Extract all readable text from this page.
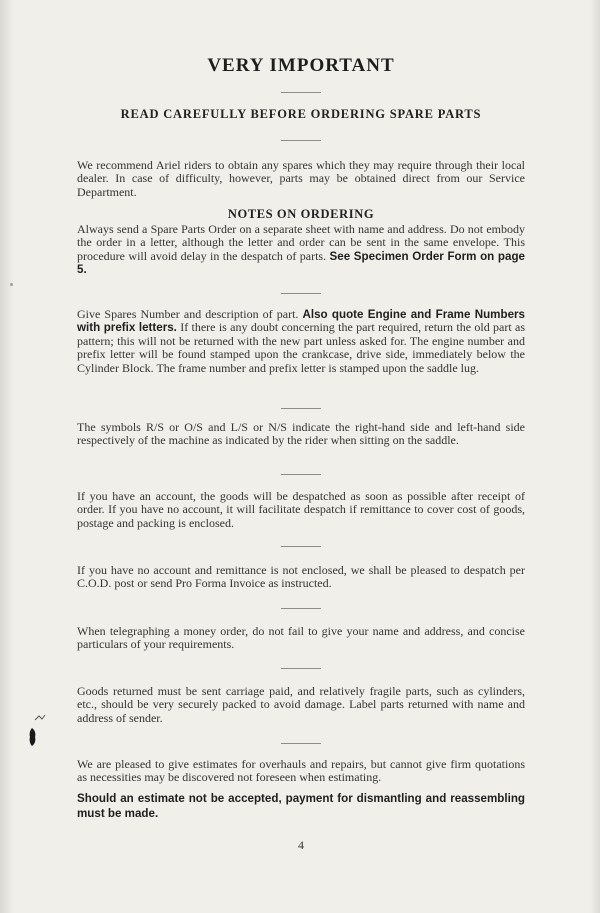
VERY IMPORTANT
READ CAREFULLY BEFORE ORDERING SPARE PARTS

We recommend Ariel riders to obtain any spares which they may require through their local dealer. In case of difficulty, however, parts may be obtained direct from our Service Department.

NOTES ON ORDERING

Always send a Spare Parts Order on a separate sheet with name and address. Do not embody the order in a letter, although the letter and order can be sent in the same envelope. This procedure will avoid delay in the despatch of parts. See Specimen Order Form on page 5.

Give Spares Number and description of part. Also quote Engine and Frame Numbers with prefix letters. If there is any doubt concerning the part required, return the old part as pattern; this will not be returned with the new part unless asked for. The engine number and prefix letter will be found stamped upon the crankcase, drive side, immediately below the Cylinder Block. The frame number and prefix letter is stamped upon the saddle lug.

The symbols R/S or O/S and L/S or N/S indicate the right-hand side and left-hand side respectively of the machine as indicated by the rider when sitting on the saddle.

If you have an account, the goods will be despatched as soon as possible after receipt of order. If you have no account, it will facilitate despatch if remittance to cover cost of goods, postage and packing is enclosed.

If you have no account and remittance is not enclosed, we shall be pleased to despatch per C.O.D. post or send Pro Forma Invoice as instructed.

When telegraphing a money order, do not fail to give your name and address, and concise particulars of your requirements.

Goods returned must be sent carriage paid, and relatively fragile parts, such as cylinders, etc., should be very securely packed to avoid damage. Label parts returned with name and address of sender.

We are pleased to give estimates for overhauls and repairs, but cannot give firm quotations as necessities may be discovered not foreseen when estimating.

Should an estimate not be accepted, payment for dismantling and reassembling must be made.

4
